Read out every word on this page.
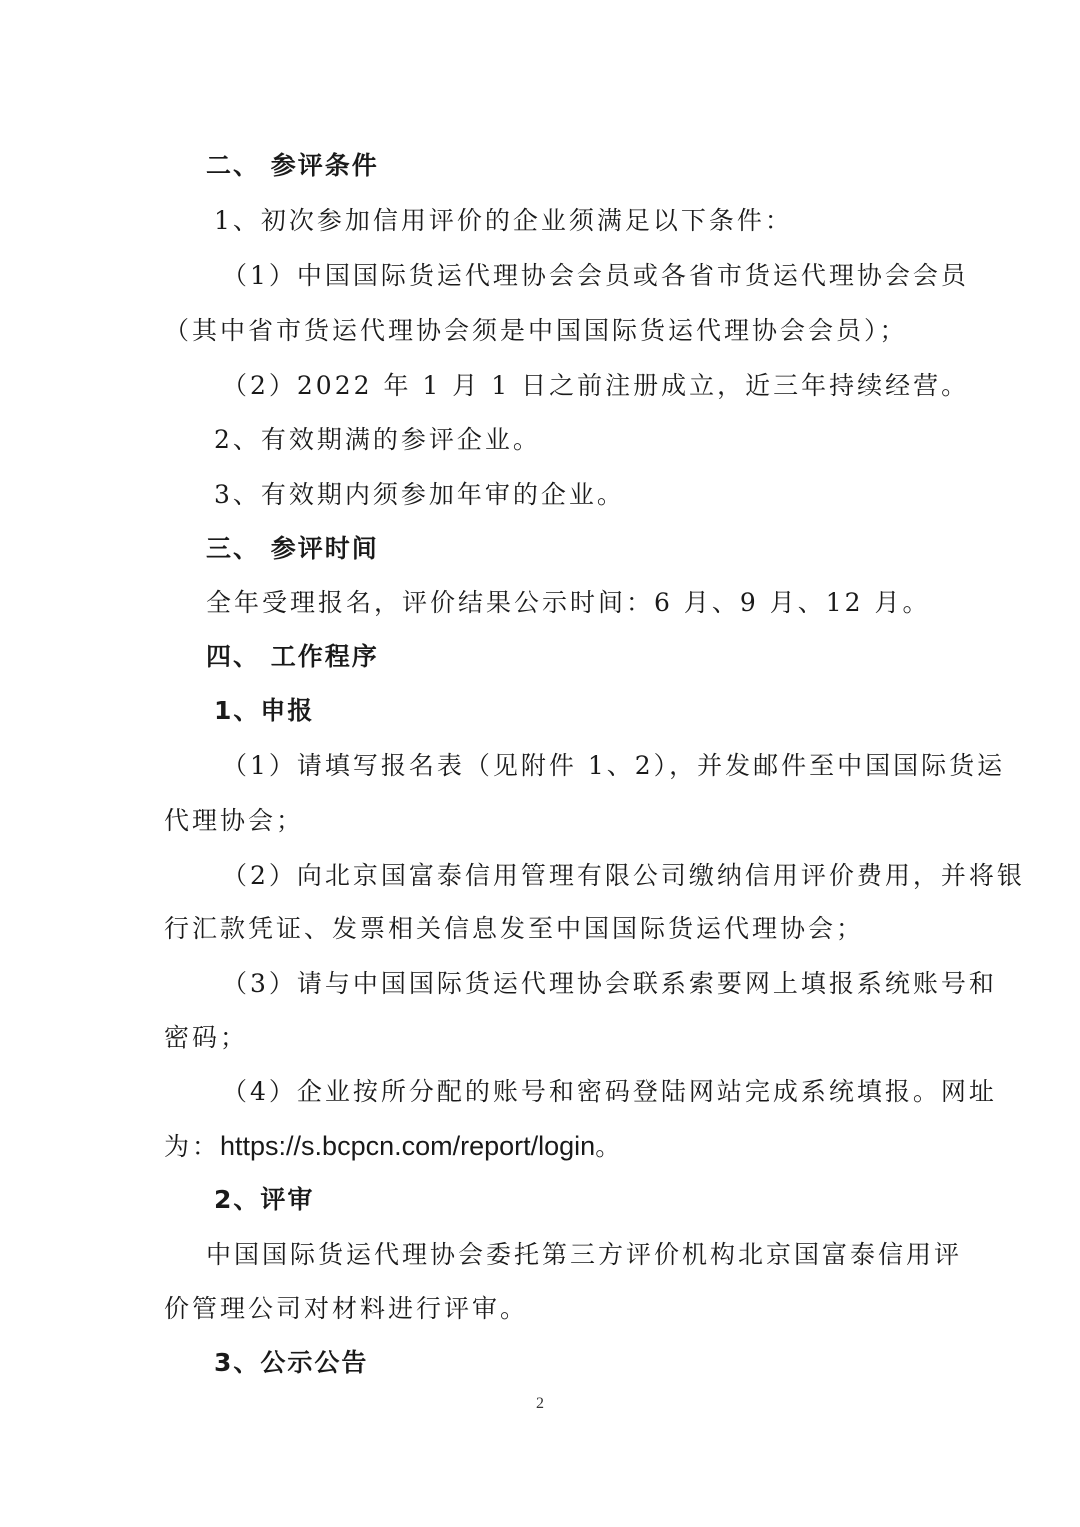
二、 参评条件
1、初次参加信用评价的企业须满足以下条件：
（1）中国国际货运代理协会会员或各省市货运代理协会会员
（其中省市货运代理协会须是中国国际货运代理协会会员）；
（2）2022 年 1 月 1 日之前注册成立，近三年持续经营。
2、有效期满的参评企业。
3、有效期内须参加年审的企业。
三、 参评时间
全年受理报名，评价结果公示时间：6 月、9 月、12 月。
四、 工作程序
1、申报
（1）请填写报名表（见附件 1、2），并发邮件至中国国际货运
代理协会；
（2）向北京国富泰信用管理有限公司缴纳信用评价费用，并将银
行汇款凭证、发票相关信息发至中国国际货运代理协会；
（3）请与中国国际货运代理协会联系索要网上填报系统账号和
密码；
（4）企业按所分配的账号和密码登陆网站完成系统填报。网址
为：https://s.bcpcn.com/report/login。
2、评审
中国国际货运代理协会委托第三方评价机构北京国富泰信用评
价管理公司对材料进行评审。
3、公示公告
2
